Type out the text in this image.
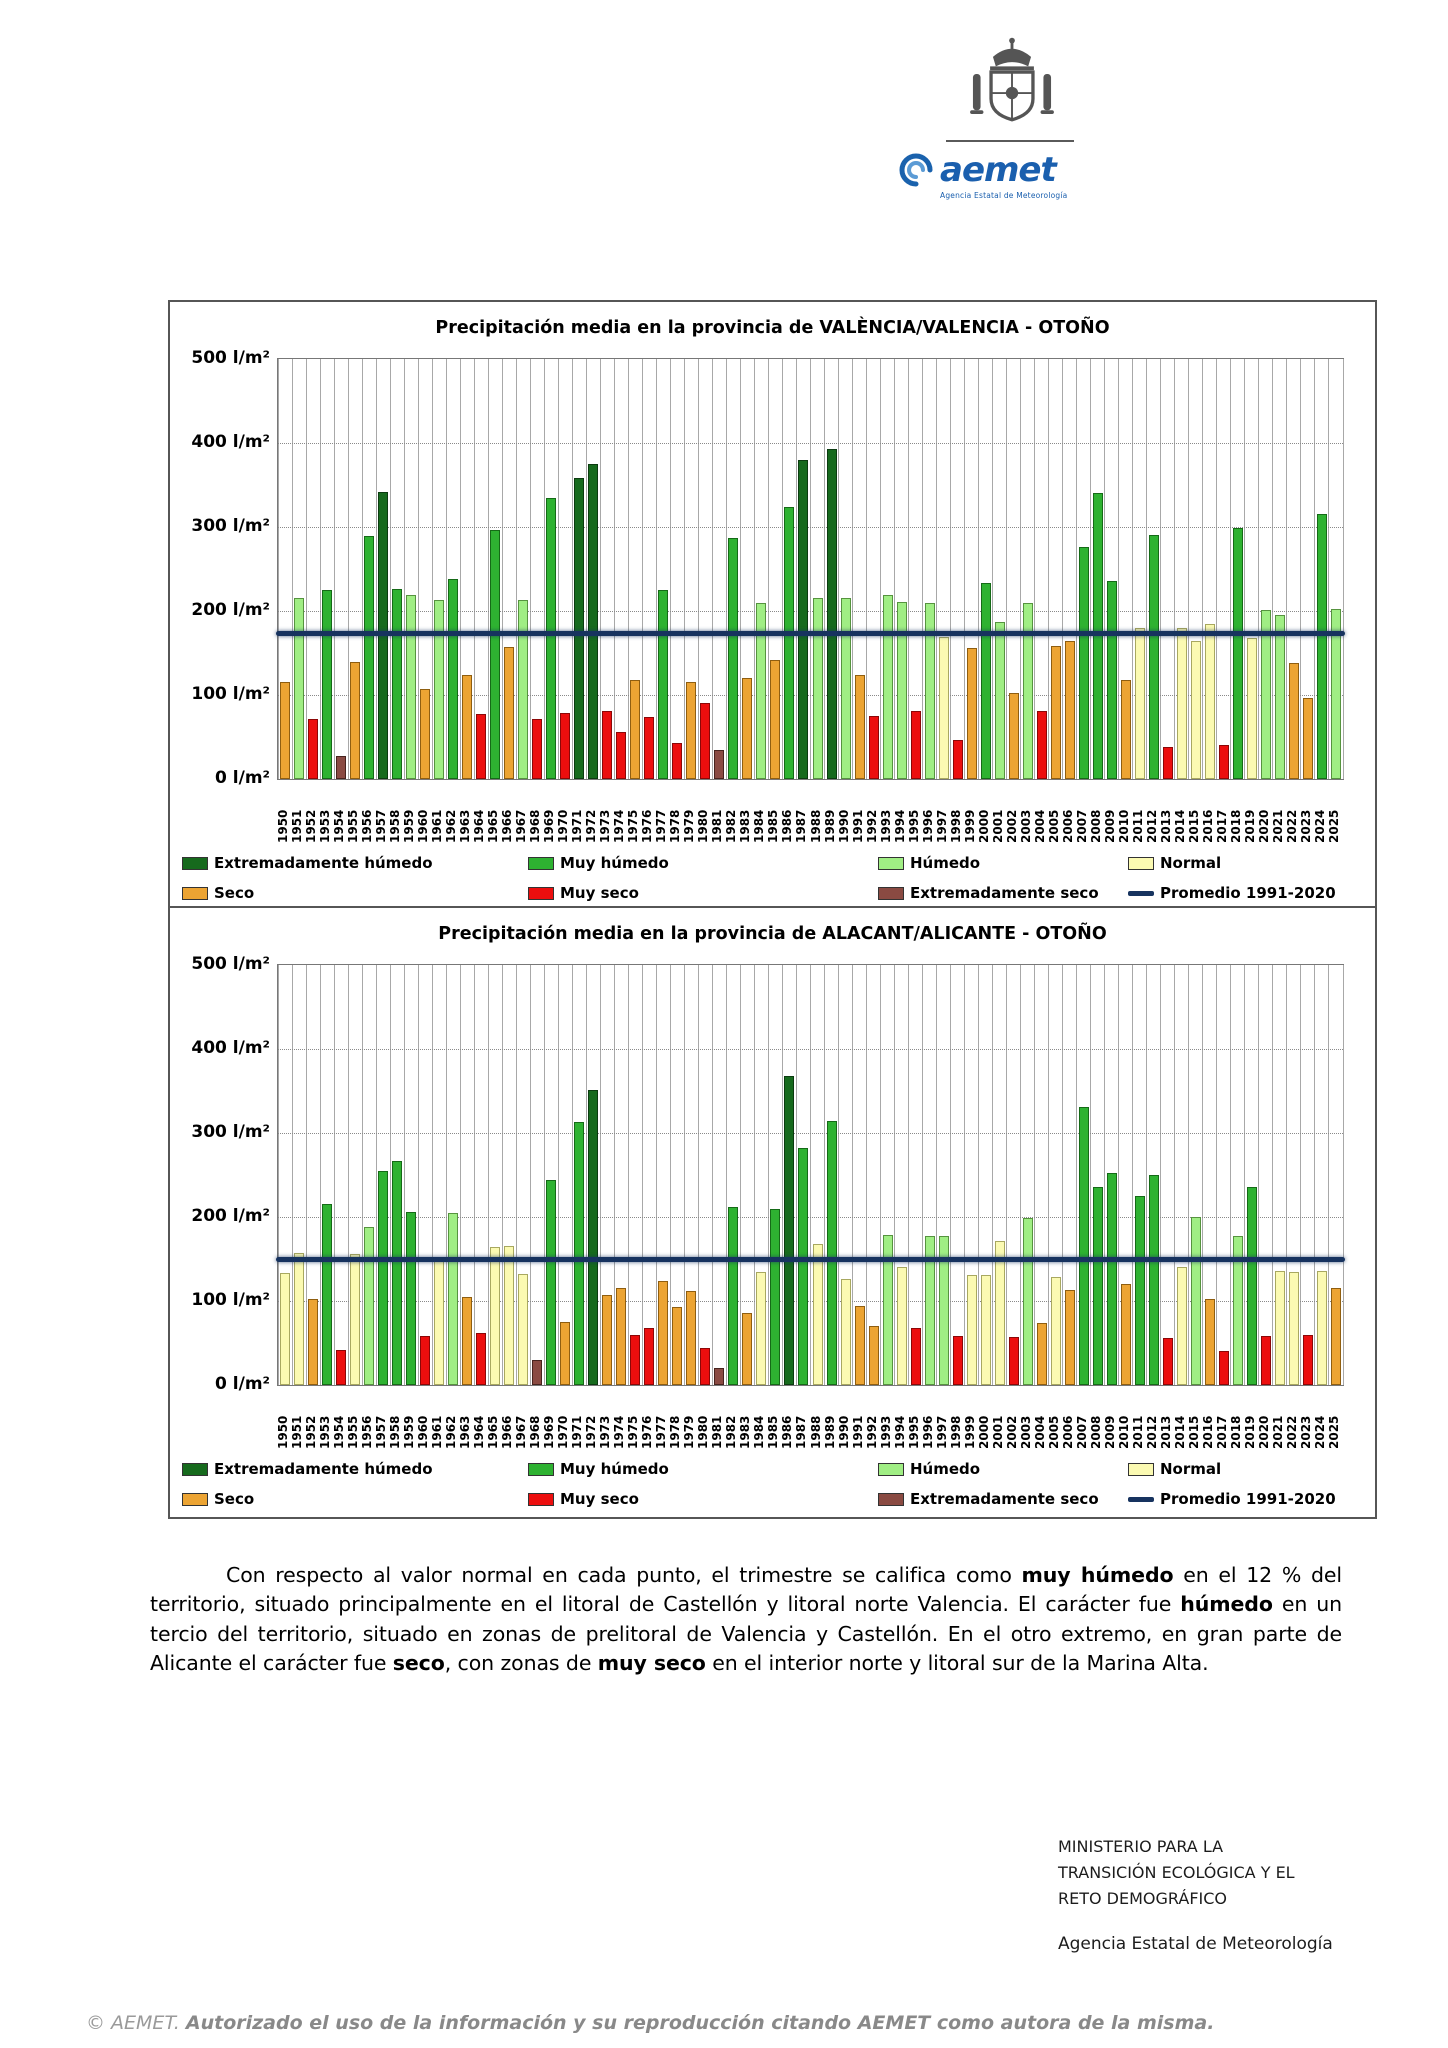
aemet
Agencia Estatal de Meteorología
Precipitación media en la provincia de VALÈNCIA/VALENCIA - OTOÑO
500 l/m²
400 l/m²
300 l/m²
200 l/m²
100 l/m²
0 l/m²
1950 1951 1952 1953 1954 1955 1956 1957 1958 1959 1960 1961 1962 1963 1964 1965 1966 1967 1968 1969 1970 1971 1972 1973 1974 1975 1976 1977 1978 1979 1980 1981 1982 1983 1984 1985 1986 1987 1988 1989 1990 1991 1992 1993 1994 1995 1996 1997 1998 1999 2000 2001 2002 2003 2004 2005 2006 2007 2008 2009 2010 2011 2012 2013 2014 2015 2016 2017 2018 2019 2020 2021 2022 2023 2024 2025
Extremadamente húmedo	Muy húmedo	Húmedo	Normal
Seco	Muy seco	Extremadamente seco	Promedio 1991-2020
Precipitación media en la provincia de ALACANT/ALICANTE - OTOÑO
500 l/m²
400 l/m²
300 l/m²
200 l/m²
100 l/m²
0 l/m²
1950 1951 1952 1953 1954 1955 1956 1957 1958 1959 1960 1961 1962 1963 1964 1965 1966 1967 1968 1969 1970 1971 1972 1973 1974 1975 1976 1977 1978 1979 1980 1981 1982 1983 1984 1985 1986 1987 1988 1989 1990 1991 1992 1993 1994 1995 1996 1997 1998 1999 2000 2001 2002 2003 2004 2005 2006 2007 2008 2009 2010 2011 2012 2013 2014 2015 2016 2017 2018 2019 2020 2021 2022 2023 2024 2025
Extremadamente húmedo	Muy húmedo	Húmedo	Normal
Seco	Muy seco	Extremadamente seco	Promedio 1991-2020

Con respecto al valor normal en cada punto, el trimestre se califica como muy húmedo en el 12 % del territorio, situado principalmente en el litoral de Castellón y litoral norte Valencia. El carácter fue húmedo en un tercio del territorio, situado en zonas de prelitoral de Valencia y Castellón. En el otro extremo, en gran parte de Alicante el carácter fue seco, con zonas de muy seco en el interior norte y litoral sur de la Marina Alta.

MINISTERIO PARA LA
TRANSICIÓN ECOLÓGICA Y EL
RETO DEMOGRÁFICO
Agencia Estatal de Meteorología
© AEMET. Autorizado el uso de la información y su reproducción citando AEMET como autora de la misma.
